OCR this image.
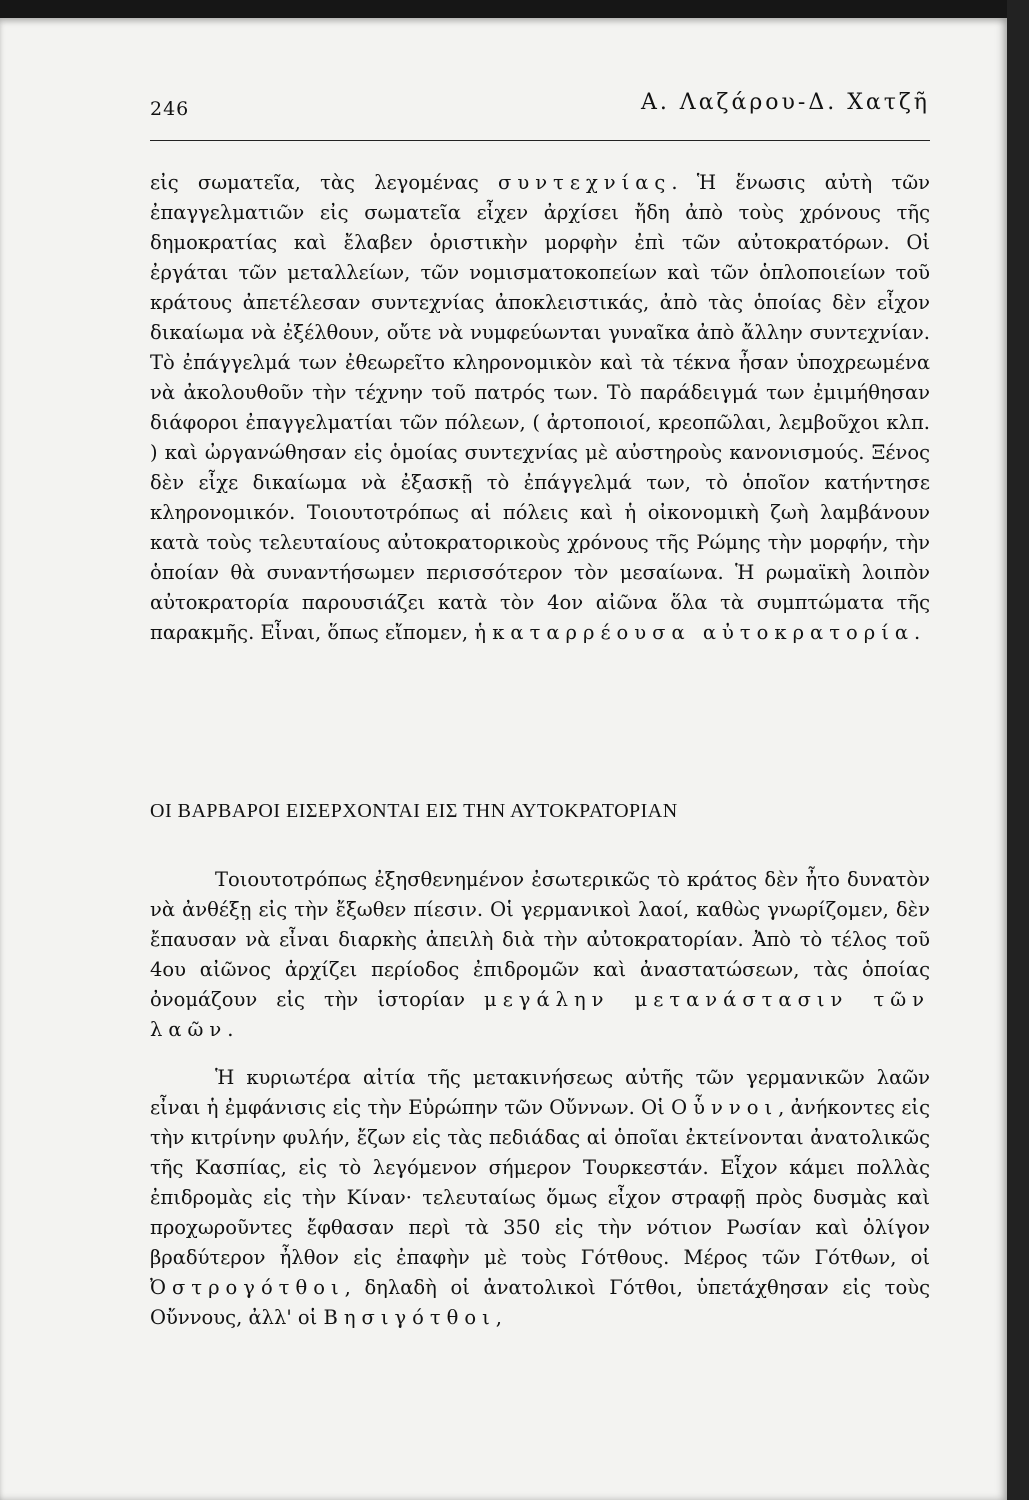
246	Α. Λαζάρου-Δ. Χατζῆ

εἰς σωματεῖα, τὰς λεγομένας συντεχνίας. Ἡ ἕνωσις αὐτὴ τῶν ἐπαγγελματιῶν εἰς σωματεῖα εἶχεν ἀρχίσει ἤδη ἀπὸ τοὺς χρόνους τῆς δημοκρατίας καὶ ἔλαβεν ὁριστικὴν μορφὴν ἐπὶ τῶν αὐτοκρατόρων. Οἱ ἐργάται τῶν μεταλλείων, τῶν νομισματοκοπείων καὶ τῶν ὁπλοποιείων τοῦ κράτους ἀπετέλεσαν συντεχνίας ἀποκλειστικάς, ἀπὸ τὰς ὁποίας δὲν εἶχον δικαίωμα νὰ ἐξέλθουν, οὔτε νὰ νυμφεύωνται γυναῖκα ἀπὸ ἄλλην συντεχνίαν. Τὸ ἐπάγγελμά των ἐθεωρεῖτο κληρονομικὸν καὶ τὰ τέκνα ἦσαν ὑποχρεωμένα νὰ ἀκολουθοῦν τὴν τέχνην τοῦ πατρός των. Τὸ παράδειγμά των ἐμιμήθησαν διάφοροι ἐπαγγελματίαι τῶν πόλεων, ( ἀρτοποιοί, κρεοπῶλαι, λεμβοῦχοι κλπ. ) καὶ ὠργανώθησαν εἰς ὁμοίας συντεχνίας μὲ αὐστηροὺς κανονισμούς. Ξένος δὲν εἶχε δικαίωμα νὰ ἐξασκῇ τὸ ἐπάγγελμά των, τὸ ὁποῖον κατήντησε κληρονομικόν. Τοιουτοτρόπως αἱ πόλεις καὶ ἡ οἰκονομικὴ ζωὴ λαμβάνουν κατὰ τοὺς τελευταίους αὐτοκρατορικοὺς χρόνους τῆς Ρώμης τὴν μορφήν, τὴν ὁποίαν θὰ συναντήσωμεν περισσότερον τὸν μεσαίωνα. Ἡ ρωμαϊκὴ λοιπὸν αὐτοκρατορία παρουσιάζει κατὰ τὸν 4ον αἰῶνα ὅλα τὰ συμπτώματα τῆς παρακμῆς. Εἶναι, ὅπως εἴπομεν, ἡ καταρρέουσα αὐτοκρατορία.

ΟΙ ΒΑΡΒΑΡΟΙ ΕΙΣΕΡΧΟΝΤΑΙ ΕΙΣ ΤΗΝ ΑΥΤΟΚΡΑΤΟΡΙΑΝ

Τοιουτοτρόπως ἐξησθενημένον ἐσωτερικῶς τὸ κράτος δὲν ἦτο δυνατὸν νὰ ἀνθέξῃ εἰς τὴν ἔξωθεν πίεσιν. Οἱ γερμανικοὶ λαοί, καθὼς γνωρίζομεν, δὲν ἔπαυσαν νὰ εἶναι διαρκὴς ἀπειλὴ διὰ τὴν αὐτοκρατορίαν. Ἀπὸ τὸ τέλος τοῦ 4ου αἰῶνος ἀρχίζει περίοδος ἐπιδρομῶν καὶ ἀναστατώσεων, τὰς ὁποίας ὀνομάζουν εἰς τὴν ἱστορίαν μεγάλην μετανάστασιν τῶν λαῶν.

Ἡ κυριωτέρα αἰτία τῆς μετακινήσεως αὐτῆς τῶν γερμανικῶν λαῶν εἶναι ἡ ἐμφάνισις εἰς τὴν Εὐρώπην τῶν Οὔννων. Οἱ Οὗννοι, ἀνήκοντες εἰς τὴν κιτρίνην φυλήν, ἔζων εἰς τὰς πεδιάδας αἱ ὁποῖαι ἐκτείνονται ἀνατολικῶς τῆς Κασπίας, εἰς τὸ λεγόμενον σήμερον Τουρκεστάν. Εἶχον κάμει πολλὰς ἐπιδρομὰς εἰς τὴν Κίναν· τελευταίως ὅμως εἶχον στραφῇ πρὸς δυσμὰς καὶ προχωροῦντες ἔφθασαν περὶ τὰ 350 εἰς τὴν νότιον Ρωσίαν καὶ ὀλίγον βραδύτερον ἦλθον εἰς ἐπαφὴν μὲ τοὺς Γότθους. Μέρος τῶν Γότθων, οἱ Ὀστρογότθοι, δηλαδὴ οἱ ἀνατολικοὶ Γότθοι, ὑπετάχθησαν εἰς τοὺς Οὔννους, ἀλλ' οἱ Βησιγότθοι,
